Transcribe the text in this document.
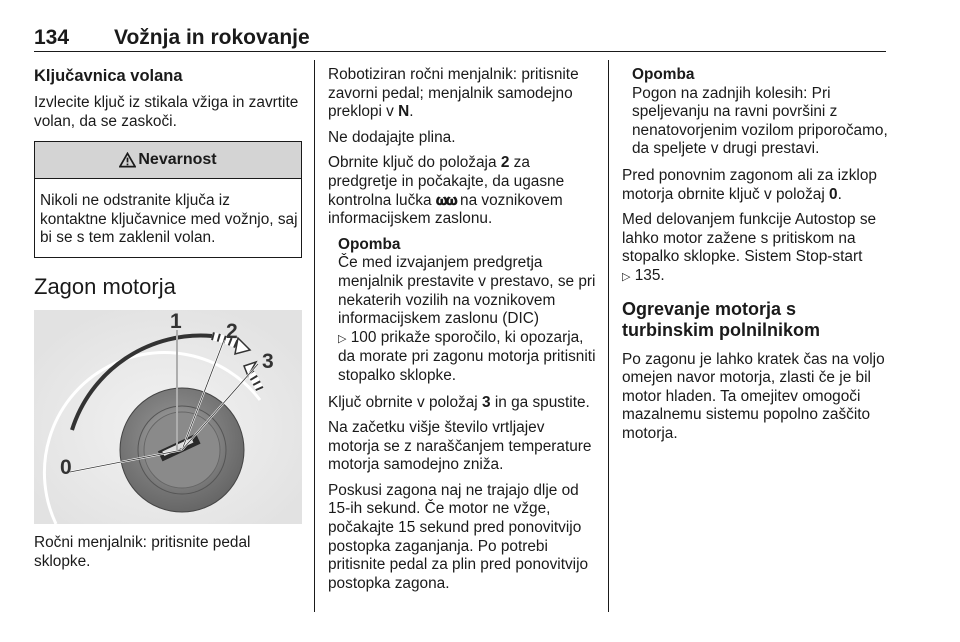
134 Vožnja in rokovanje
Ključavnica volana

Izvlecite ključ iz stikala vžiga in zavrtite volan, da se zaskoči.

Nevarnost
Nikoli ne odstranite ključa iz kontaktne ključavnice med vožnjo, saj bi se s tem zaklenil volan.
Zagon motorja
0
1 2
3

Ročni menjalnik: pritisnite pedal sklopke.

Robotiziran ročni menjalnik: pritisnite zavorni pedal; menjalnik samodejno preklopi v N.

Ne dodajajte plina.

Obrnite ključ do položaja 2 za predgretje in počakajte, da ugasne kontrolna lučka 𝛚𝛚 na voznikovem informacijskem zaslonu.

Opomba
Če med izvajanjem predgretja menjalnik prestavite v prestavo, se pri nekaterih vozilih na voznikovem informacijskem zaslonu (DIC)
▷ 100 prikaže sporočilo, ki opozarja, da morate pri zagonu motorja pritisniti stopalko sklopke.

Ključ obrnite v položaj 3 in ga spustite.

Na začetku višje število vrtljajev motorja se z naraščanjem temperature motorja samodejno zniža.

Poskusi zagona naj ne trajajo dlje od 15-ih sekund. Če motor ne vžge, počakajte 15 sekund pred ponovitvijo postopka zaganjanja. Po potrebi pritisnite pedal za plin pred ponovitvijo postopka zagona.

Opomba
Pogon na zadnjih kolesih: Pri speljevanju na ravni površini z nenatovorjenim vozilom priporočamo, da speljete v drugi prestavi.

Pred ponovnim zagonom ali za izklop motorja obrnite ključ v položaj 0.

Med delovanjem funkcije Autostop se lahko motor zažene s pritiskom na stopalko sklopke. Sistem Stop-start
▷ 135.

Ogrevanje motorja s turbinskim polnilnikom

Po zagonu je lahko kratek čas na voljo omejen navor motorja, zlasti če je bil motor hladen. Ta omejitev omogoči mazalnemu sistemu popolno zaščito motorja.
